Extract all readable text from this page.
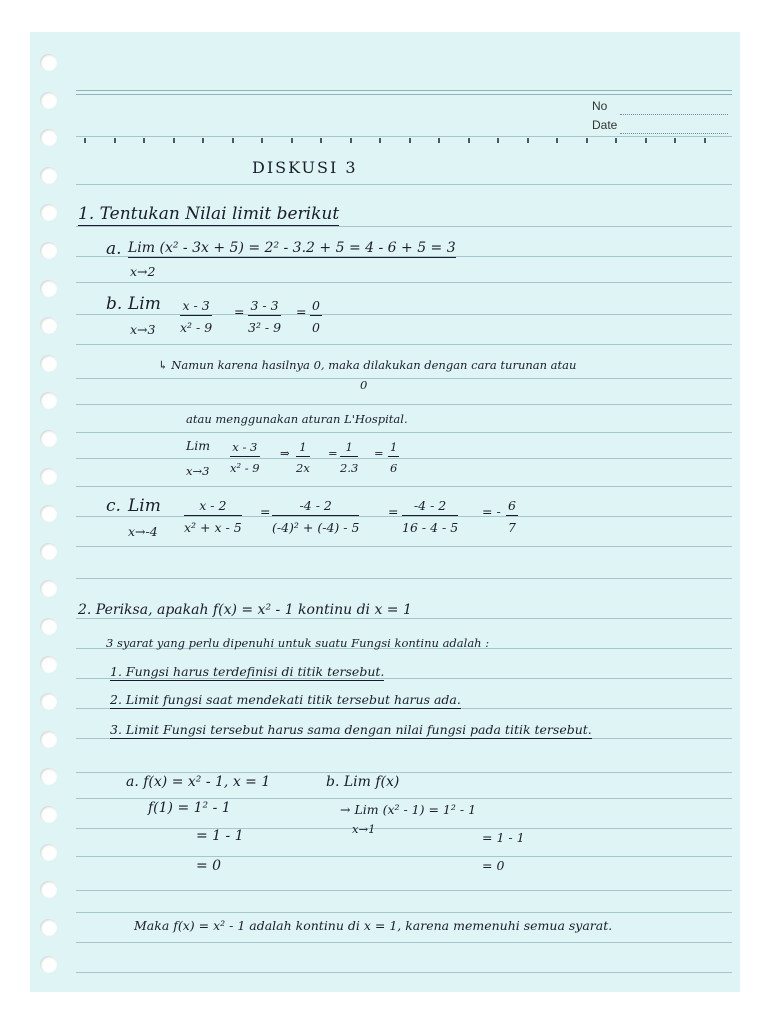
No
Date
DISKUSI 3
1. Tentukan Nilai limit berikut
a. Lim (x² - 3x + 5) = 2² - 3.2 + 5 = 4 - 6 + 5 = 3
x→2
b. Lim
$x\to 3 \frac{x - 3}{\text{x² - 9}} = \frac{3 - 3}{\text{3² - 9}} = \frac{0}{0}$
↳ Namun karena hasilnya 0, maka dilakukan dengan cara turunan atau
0
atau menggunakan aturan L'Hospital.
Lim
$x\to 3 \frac{x - 3}{\text{x² - 9}}$ ⇒ $\frac{1}{2x} = \frac{1}{2.3} = \frac{1}{6}$
c. Lim
$x\to-4 \frac{x - 2}{\text{x² + x - 5}} = \frac{-4 - 2}{\text{(-4)² + (-4) - 5}} = \frac{-4 - 2}{16 - 4 - 5}$ = - $\frac{6}{7}$
2. Periksa, apakah f(x) = x² - 1 kontinu di x = 1
3 syarat yang perlu dipenuhi untuk suatu Fungsi kontinu adalah :
1. Fungsi harus terdefinisi di titik tersebut.
2. Limit fungsi saat mendekati titik tersebut harus ada.
3. Limit Fungsi tersebut harus sama dengan nilai fungsi pada titik tersebut.
a. f(x) = x² - 1, x = 1
f(1) = 1² - 1
= 1 - 1
= 0
b. Lim f(x)
→ Lim (x² - 1) = 1² - 1
x→1
= 1 - 1
= 0
Maka f(x) = x² - 1 adalah kontinu di x = 1, karena memenuhi semua syarat.
